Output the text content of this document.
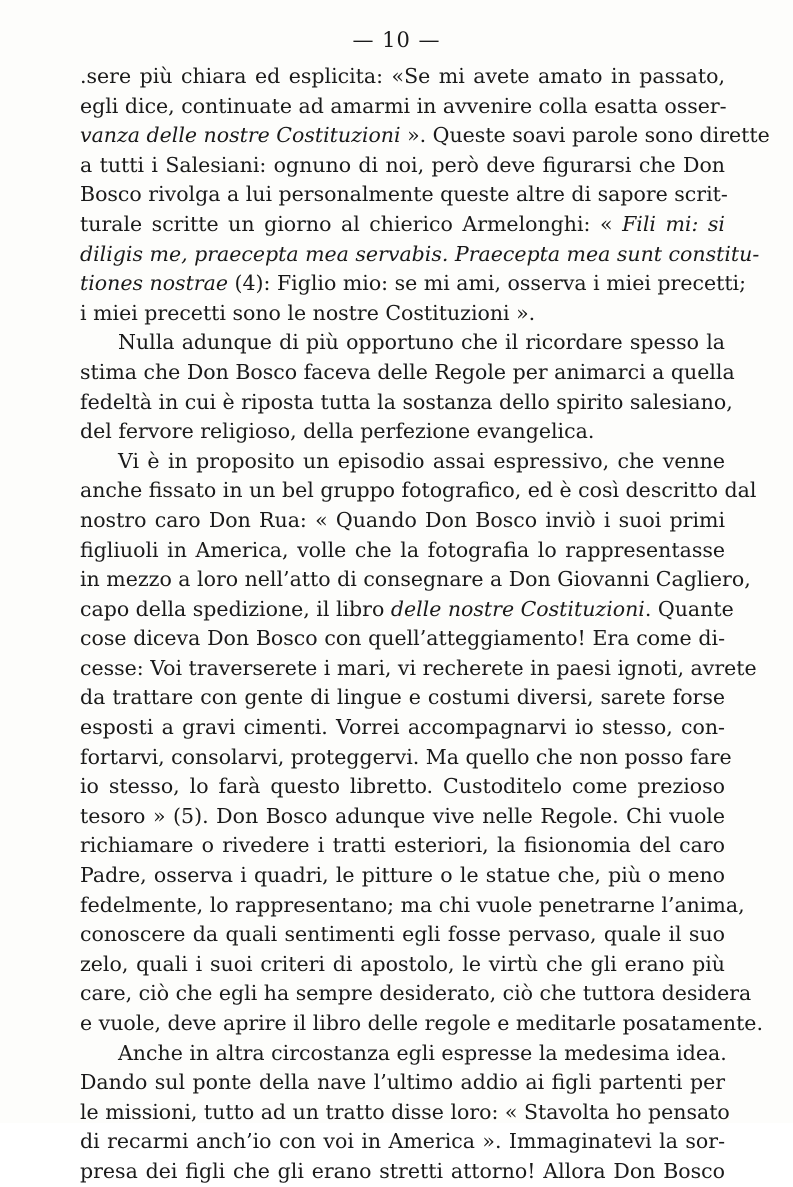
— 10 —
.sere più chiara ed esplicita: «Se mi avete amato in passato,
egli dice, continuate ad amarmi in avvenire colla esatta osser-
vanza delle nostre Costituzioni ». Queste soavi parole sono dirette
a tutti i Salesiani: ognuno di noi, però deve figurarsi che Don
Bosco rivolga a lui personalmente queste altre di sapore scrit-
turale scritte un giorno al chierico Armelonghi: « Fili mi: si
diligis me, praecepta mea servabis. Praecepta mea sunt constitu-
tiones nostrae (4): Figlio mio: se mi ami, osserva i miei precetti;
i miei precetti sono le nostre Costituzioni ».
Nulla adunque di più opportuno che il ricordare spesso la
stima che Don Bosco faceva delle Regole per animarci a quella
fedeltà in cui è riposta tutta la sostanza dello spirito salesiano,
del fervore religioso, della perfezione evangelica.
Vi è in proposito un episodio assai espressivo, che venne
anche fissato in un bel gruppo fotografico, ed è così descritto dal
nostro caro Don Rua: « Quando Don Bosco inviò i suoi primi
figliuoli in America, volle che la fotografia lo rappresentasse
in mezzo a loro nell’atto di consegnare a Don Giovanni Cagliero,
capo della spedizione, il libro delle nostre Costituzioni. Quante
cose diceva Don Bosco con quell’atteggiamento! Era come di-
cesse: Voi traverserete i mari, vi recherete in paesi ignoti, avrete
da trattare con gente di lingue e costumi diversi, sarete forse
esposti a gravi cimenti. Vorrei accompagnarvi io stesso, con-
fortarvi, consolarvi, proteggervi. Ma quello che non posso fare
io stesso, lo farà questo libretto. Custoditelo come prezioso
tesoro » (5). Don Bosco adunque vive nelle Regole. Chi vuole
richiamare o rivedere i tratti esteriori, la fisionomia del caro
Padre, osserva i quadri, le pitture o le statue che, più o meno
fedelmente, lo rappresentano; ma chi vuole penetrarne l’anima,
conoscere da quali sentimenti egli fosse pervaso, quale il suo
zelo, quali i suoi criteri di apostolo, le virtù che gli erano più
care, ciò che egli ha sempre desiderato, ciò che tuttora desidera
e vuole, deve aprire il libro delle regole e meditarle posatamente.
Anche in altra circostanza egli espresse la medesima idea.
Dando sul ponte della nave l’ultimo addio ai figli partenti per
le missioni, tutto ad un tratto disse loro: « Stavolta ho pensato
di recarmi anch’io con voi in America ». Immaginatevi la sor-
presa dei figli che gli erano stretti attorno! Allora Don Bosco
